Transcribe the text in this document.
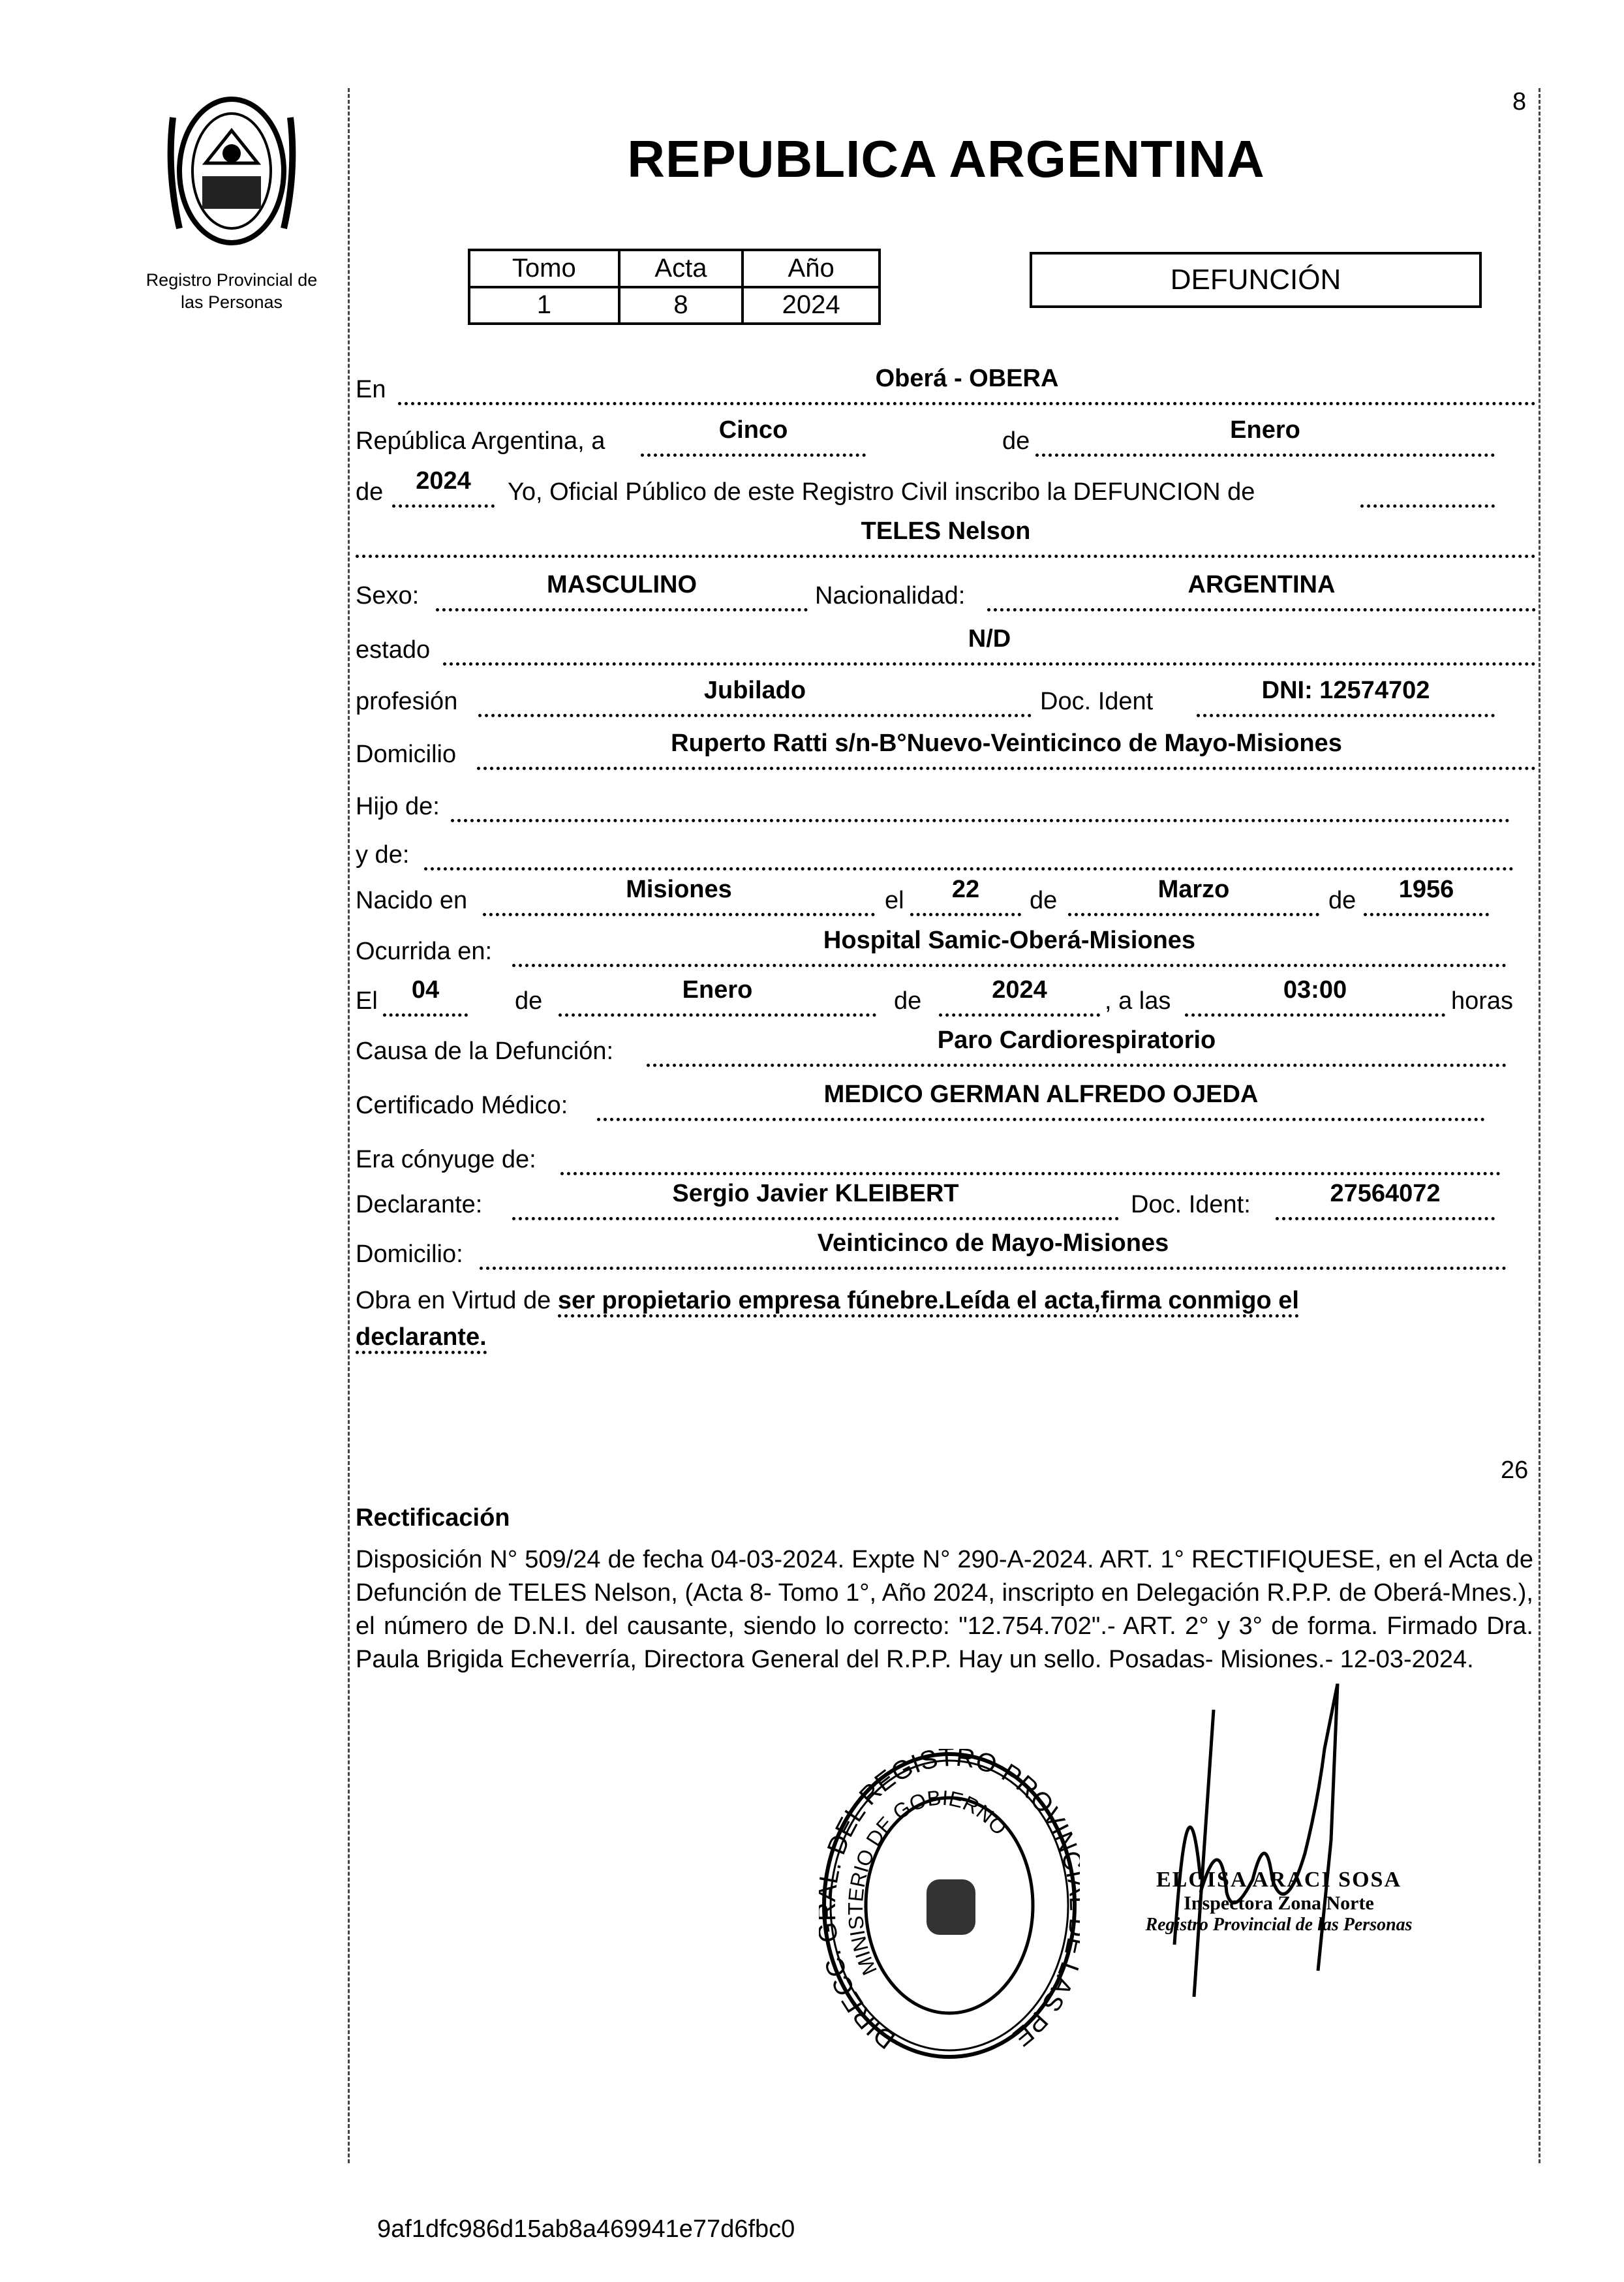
Registro Provincial de
las Personas
8
REPUBLICA ARGENTINA
Tomo	Acta	Año
1	8	2024
DEFUNCIÓN
En	Oberá - OBERA
República Argentina, a	Cinco	de	Enero
de	2024	Yo, Oficial Público de este Registro Civil inscribo la DEFUNCION de
TELES Nelson
Sexo:	MASCULINO	Nacionalidad:	ARGENTINA
estado	N/D
profesión	Jubilado	Doc. Ident	DNI: 12574702
Domicilio	Ruperto Ratti s/n-B°Nuevo-Veinticinco de Mayo-Misiones
Hijo de:
y de:
Nacido en	Misiones	el	22	de	Marzo	de	1956
Ocurrida en:	Hospital Samic-Oberá-Misiones
El	04	de	Enero	de	2024	, a las	03:00	horas
Causa de la Defunción:	Paro Cardiorespiratorio
Certificado Médico:	MEDICO GERMAN ALFREDO OJEDA
Era cónyuge de:
Declarante:	Sergio Javier KLEIBERT	Doc. Ident:	27564072
Domicilio:	Veinticinco de Mayo-Misiones
Obra en Virtud de ser propietario empresa fúnebre.Leída el acta,firma conmigo el
declarante.
26
Rectificación
Disposición N° 509/24 de fecha 04-03-2024. Expte N° 290-A-2024. ART. 1° RECTIFIQUESE, en el Acta de Defunción de TELES Nelson, (Acta 8- Tomo 1°, Año 2024, inscripto en Delegación R.P.P. de Oberá-Mnes.), el número de D.N.I. del causante, siendo lo correcto: "12.754.702".- ART. 2° y 3° de forma. Firmado Dra. Paula Brigida Echeverría, Directora General del R.P.P. Hay un sello. Posadas- Misiones.- 12-03-2024.
DIRECC. . DEL REGISTRO PROVIN AS PE
MINISTERIO DE GOBIERNO
ELOISA ARACI SOSA
Inspectora Zona Norte
Registro Provincial de las Personas
9af1dfc986d15ab8a469941e77d6fbc0
